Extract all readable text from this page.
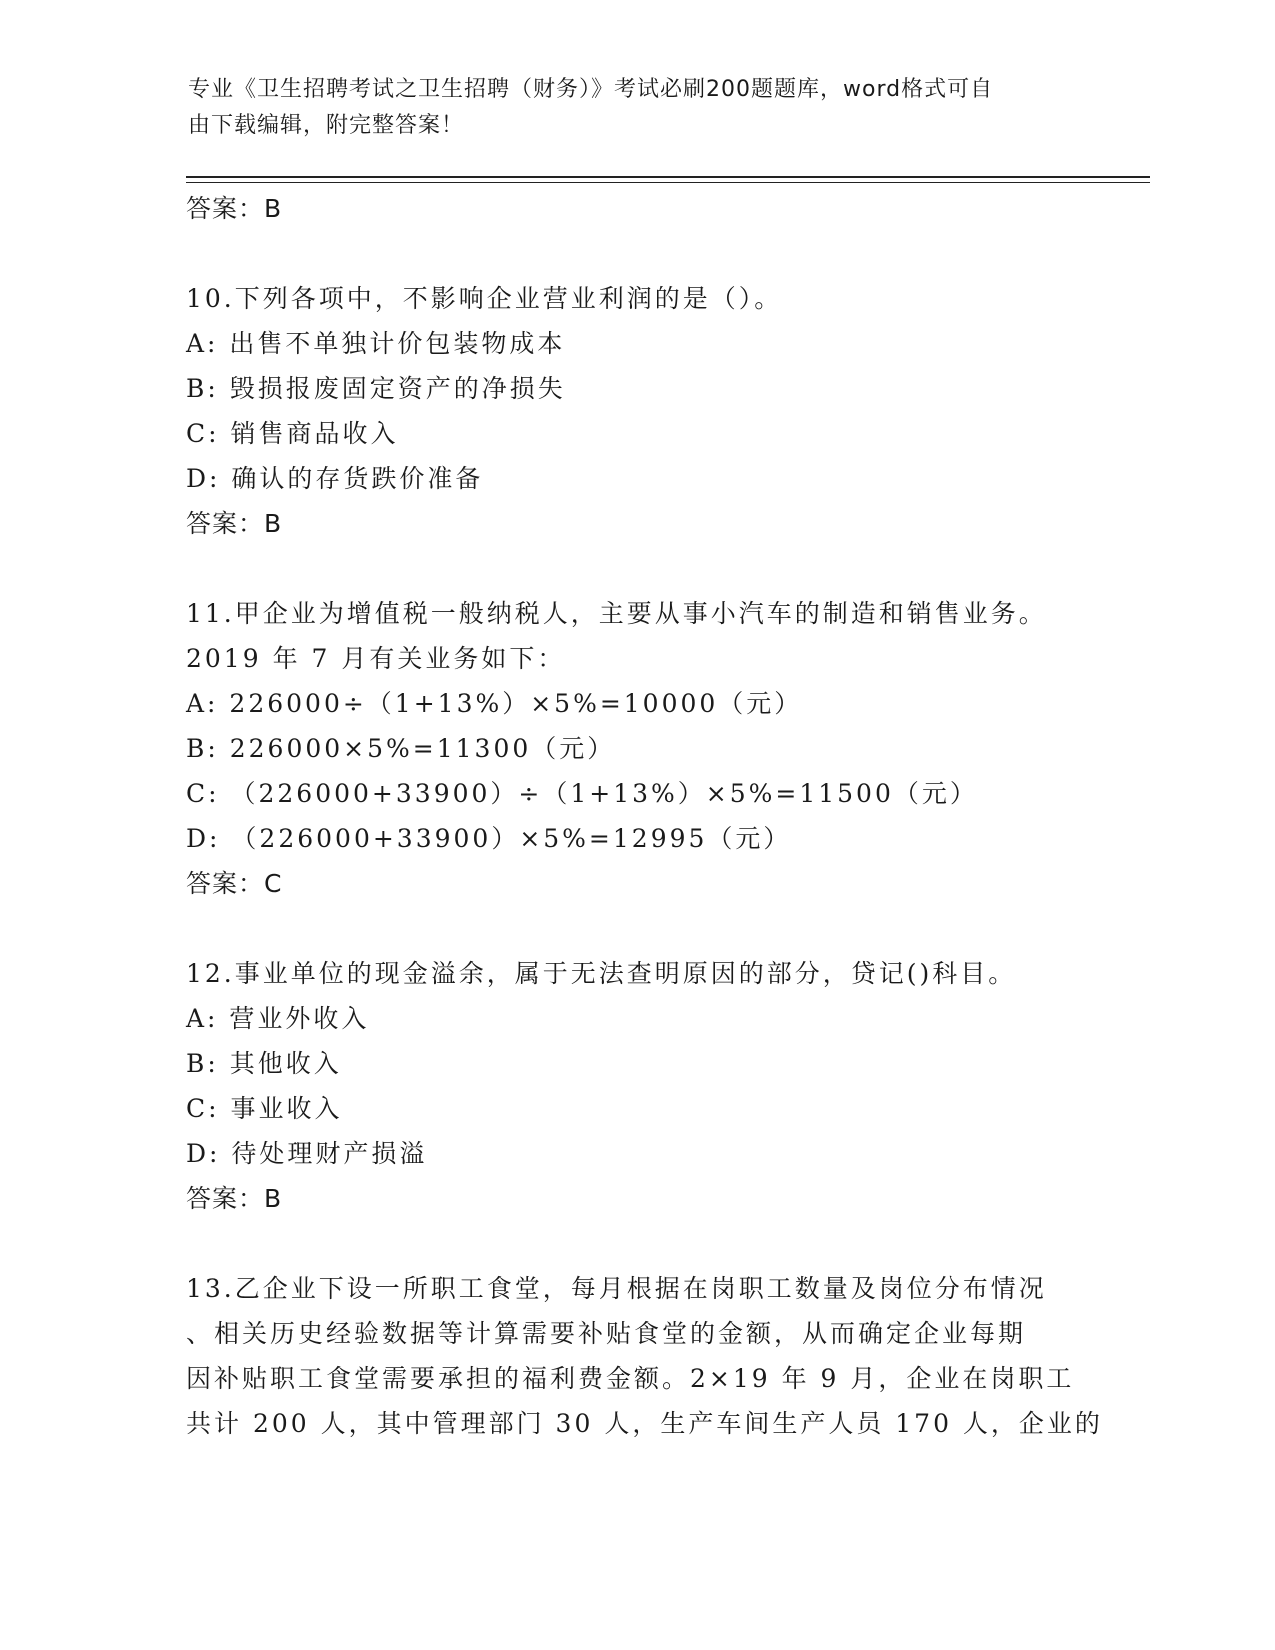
专业《卫生招聘考试之卫生招聘（财务）》考试必刷200题题库，word格式可自
由下载编辑，附完整答案！
答案：B
10.下列各项中，不影响企业营业利润的是（）。
A: 出售不单独计价包装物成本
B: 毁损报废固定资产的净损失
C: 销售商品收入
D: 确认的存货跌价准备
答案：B
11.甲企业为增值税一般纳税人，主要从事小汽车的制造和销售业务。
2019 年 7 月有关业务如下：
A: 226000÷（1+13%）×5%=10000（元）
B: 226000×5%=11300（元）
C: （226000+33900）÷（1+13%）×5%=11500（元）
D: （226000+33900）×5%=12995（元）
答案：C
12.事业单位的现金溢余，属于无法查明原因的部分，贷记()科目。
A: 营业外收入
B: 其他收入
C: 事业收入
D: 待处理财产损溢
答案：B
13.乙企业下设一所职工食堂，每月根据在岗职工数量及岗位分布情况
、相关历史经验数据等计算需要补贴食堂的金额，从而确定企业每期
因补贴职工食堂需要承担的福利费金额。2×19 年 9 月，企业在岗职工
共计 200 人，其中管理部门 30 人，生产车间生产人员 170 人，企业的
